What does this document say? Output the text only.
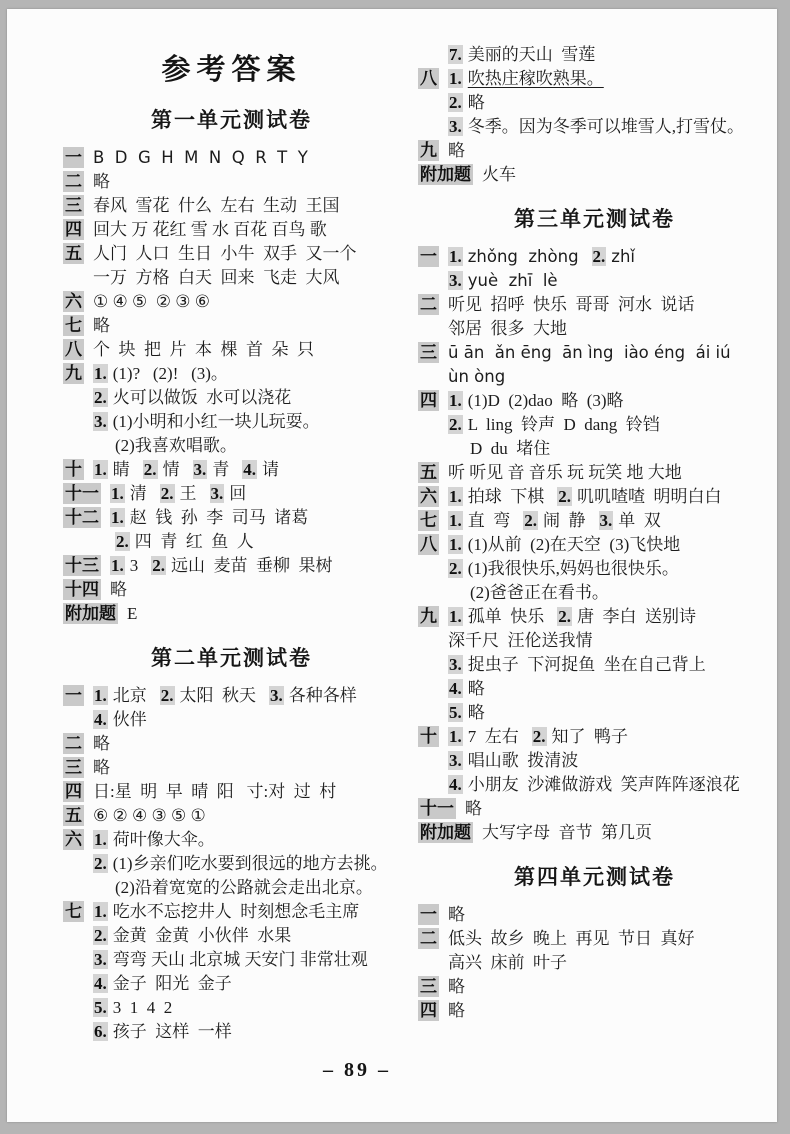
参考答案
第一单元测试卷
一 B  D  G  H  M  N  Q  R  T  Y
二 略
三 春风  雪花  什么  左右  生动  王国
四 回大 万 花红 雪 水 百花 百鸟 歌
五 人门  人口  生日  小牛  双手  又一个
一万  方格  白天  回来  飞走  大风
六 ① ④ ⑤  ② ③ ⑥
七 略
八 个  块  把  片  本  棵  首  朵  只
九 1. (1)?   (2)!   (3)。
2. 火可以做饭  水可以浇花
3. (1)小明和小红一块儿玩耍。
(2)我喜欢唱歌。
十 1. 睛 2. 情 3. 青 4. 请
十一 1. 清 2. 王 3. 回
十二 1. 赵  钱  孙  李  司马  诸葛
2. 四  青  红  鱼  人
十三 1. 3 2. 远山  麦苗  垂柳  果树
十四 略
附加题 E
第二单元测试卷
一 1. 北京 2. 太阳  秋天 3. 各种各样
4. 伙伴
二 略
三 略
四 日:星  明  早  晴  阳   寸:对  过  村
五 ⑥ ② ④ ③ ⑤ ①
六 1. 荷叶像大伞。
2. (1)乡亲们吃水要到很远的地方去挑。
(2)沿着宽宽的公路就会走出北京。
七 1. 吃水不忘挖井人  时刻想念毛主席
2. 金黄  金黄  小伙伴  水果
3. 弯弯 天山 北京城 天安门 非常壮观
4. 金子  阳光  金子
5. 3  1  4  2
6. 孩子  这样  一样
7. 美丽的天山  雪莲
八 1. 吹热庄稼吹熟果。
2. 略
3. 冬季。因为冬季可以堆雪人,打雪仗。
九 略
附加题 火车
第三单元测试卷
一 1. zhǒng  zhòng 2. zhǐ
3. yuè  zhī  lè
二 听见  招呼  快乐  哥哥  河水  说话
邻居  很多  大地
三 ū ān  ǎn ēng  ān ìng  iào éng  ái iú
ùn òng
四 1. (1)D  (2)dao  略  (3)略
2. L  ling  铃声  D  dang  铃铛
D  du  堵住
五 听 听见 音 音乐 玩 玩笑 地 大地
六 1. 拍球  下棋 2. 叽叽喳喳  明明白白
七 1. 直  弯 2. 闹  静 3. 单  双
八 1. (1)从前  (2)在天空  (3)飞快地
2. (1)我很快乐,妈妈也很快乐。
(2)爸爸正在看书。
九 1. 孤单  快乐 2. 唐  李白  送别诗
深千尺  汪伦送我情
3. 捉虫子  下河捉鱼  坐在自己背上
4. 略
5. 略
十 1. 7  左右 2. 知了  鸭子
3. 唱山歌  拨清波
4. 小朋友  沙滩做游戏  笑声阵阵逐浪花
十一 略
附加题 大写字母  音节  第几页
第四单元测试卷
一 略
二 低头  故乡  晚上  再见  节日  真好
高兴  床前  叶子
三 略
四 略
– 89 –
